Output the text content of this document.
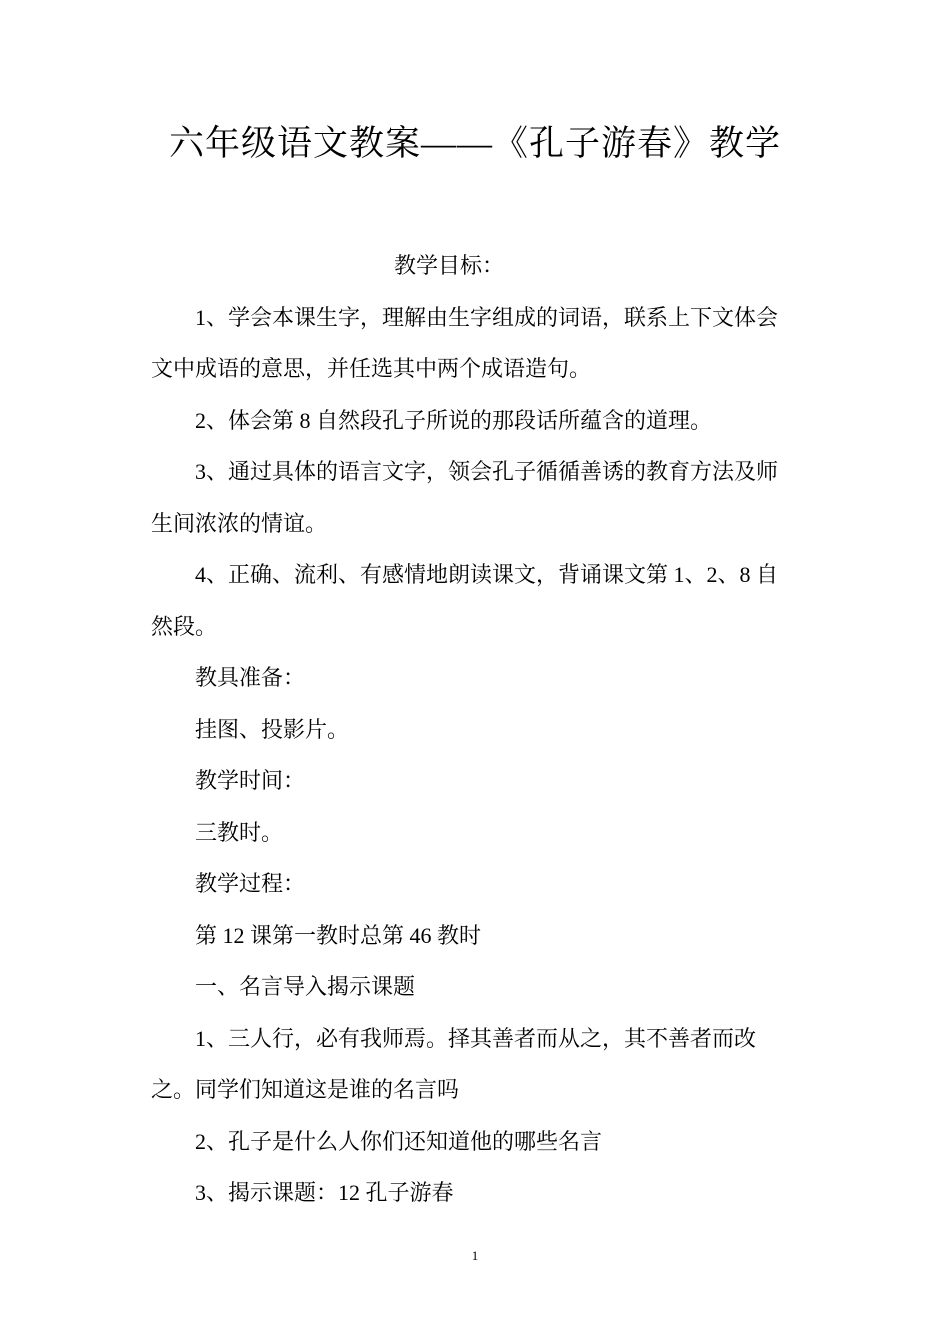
六年级语文教案——《孔子游春》教学

教学目标：

1、学会本课生字，理解由生字组成的词语，联系上下文体会文中成语的意思，并任选其中两个成语造句。

2、体会第 8 自然段孔子所说的那段话所蕴含的道理。

3、通过具体的语言文字，领会孔子循循善诱的教育方法及师生间浓浓的情谊。

4、正确、流利、有感情地朗读课文，背诵课文第 1、2、8 自然段。

教具准备：

挂图、投影片。

教学时间：

三教时。

教学过程：

第 12 课第一教时总第 46 教时

一、名言导入揭示课题

1、三人行，必有我师焉。择其善者而从之，其不善者而改之。同学们知道这是谁的名言吗

2、孔子是什么人你们还知道他的哪些名言

3、揭示课题：12 孔子游春

1
